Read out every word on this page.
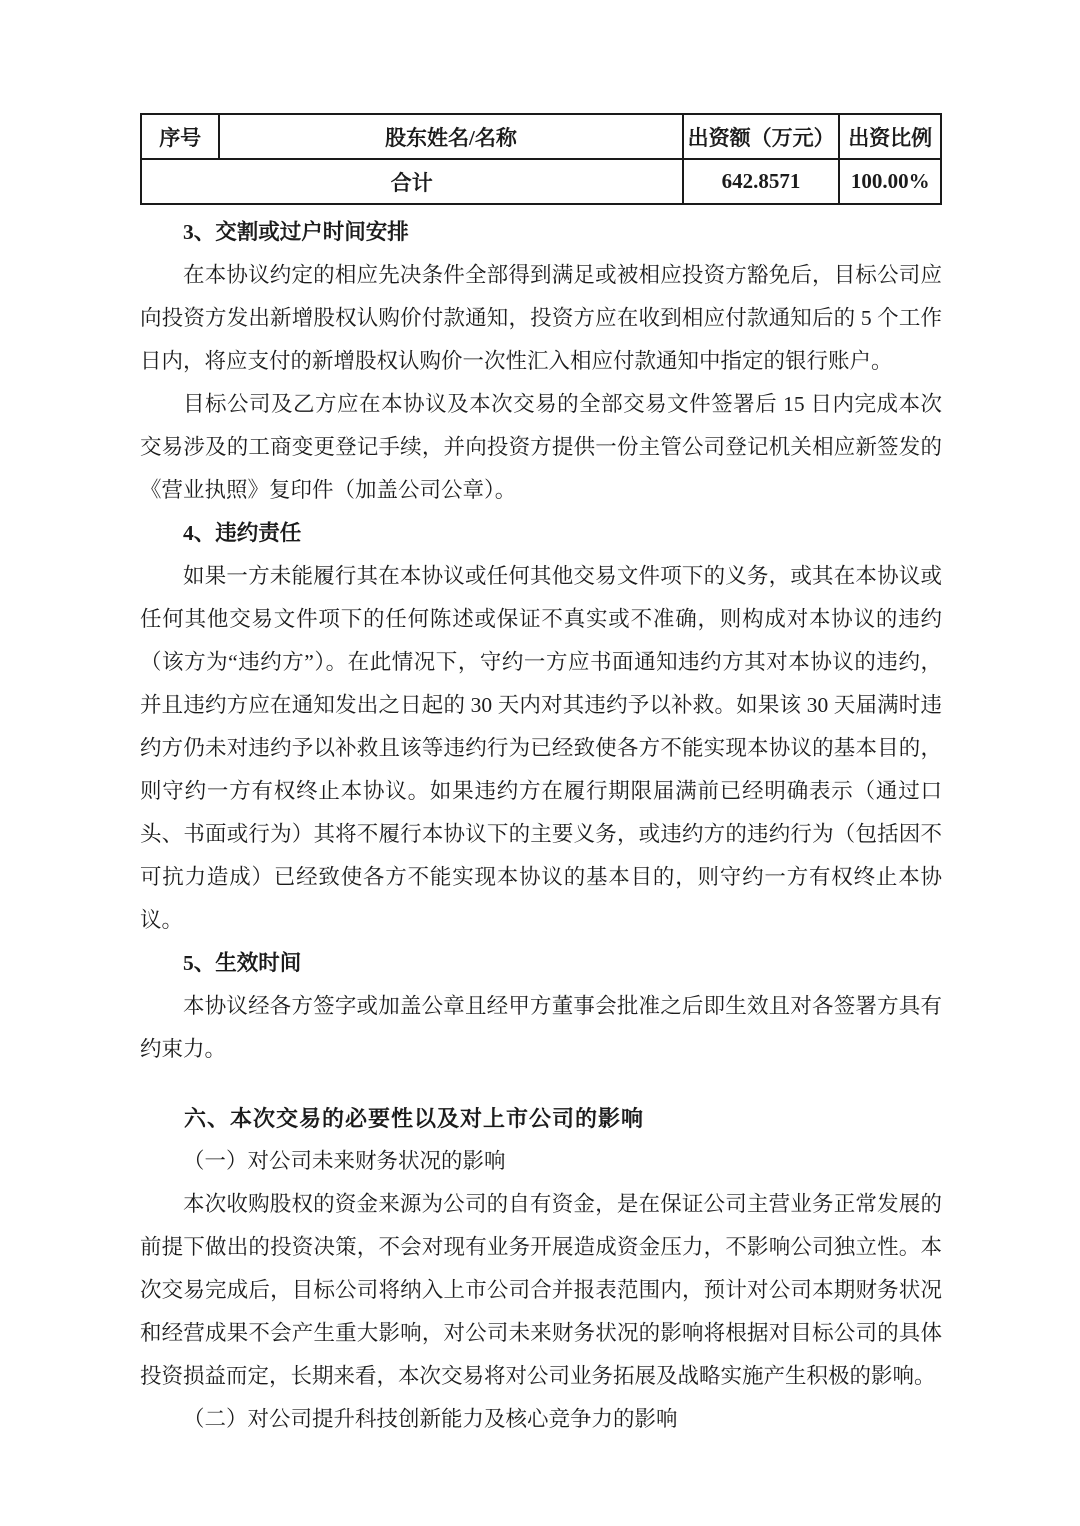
序号	股东姓名/名称	出资额（万元）	出资比例
合计		642.8571	100.00%
3、交割或过户时间安排

在本协议约定的相应先决条件全部得到满足或被相应投资方豁免后，目标公司应向投资方发出新增股权认购价付款通知，投资方应在收到相应付款通知后的 5 个工作日内，将应支付的新增股权认购价一次性汇入相应付款通知中指定的银行账户。

目标公司及乙方应在本协议及本次交易的全部交易文件签署后 15 日内完成本次交易涉及的工商变更登记手续，并向投资方提供一份主管公司登记机关相应新签发的《营业执照》复印件（加盖公司公章）。

4、违约责任

如果一方未能履行其在本协议或任何其他交易文件项下的义务，或其在本协议或任何其他交易文件项下的任何陈述或保证不真实或不准确，则构成对本协议的违约（该方为“违约方”）。在此情况下，守约一方应书面通知违约方其对本协议的违约，并且违约方应在通知发出之日起的 30 天内对其违约予以补救。如果该 30 天届满时违约方仍未对违约予以补救且该等违约行为已经致使各方不能实现本协议的基本目的，则守约一方有权终止本协议。如果违约方在履行期限届满前已经明确表示（通过口头、书面或行为）其将不履行本协议下的主要义务，或违约方的违约行为（包括因不可抗力造成）已经致使各方不能实现本协议的基本目的，则守约一方有权终止本协议。

5、生效时间

本协议经各方签字或加盖公章且经甲方董事会批准之后即生效且对各签署方具有约束力。

六、本次交易的必要性以及对上市公司的影响
（一）对公司未来财务状况的影响

本次收购股权的资金来源为公司的自有资金，是在保证公司主营业务正常发展的前提下做出的投资决策，不会对现有业务开展造成资金压力，不影响公司独立性。本次交易完成后，目标公司将纳入上市公司合并报表范围内，预计对公司本期财务状况和经营成果不会产生重大影响，对公司未来财务状况的影响将根据对目标公司的具体投资损益而定，长期来看，本次交易将对公司业务拓展及战略实施产生积极的影响。

（二）对公司提升科技创新能力及核心竞争力的影响
